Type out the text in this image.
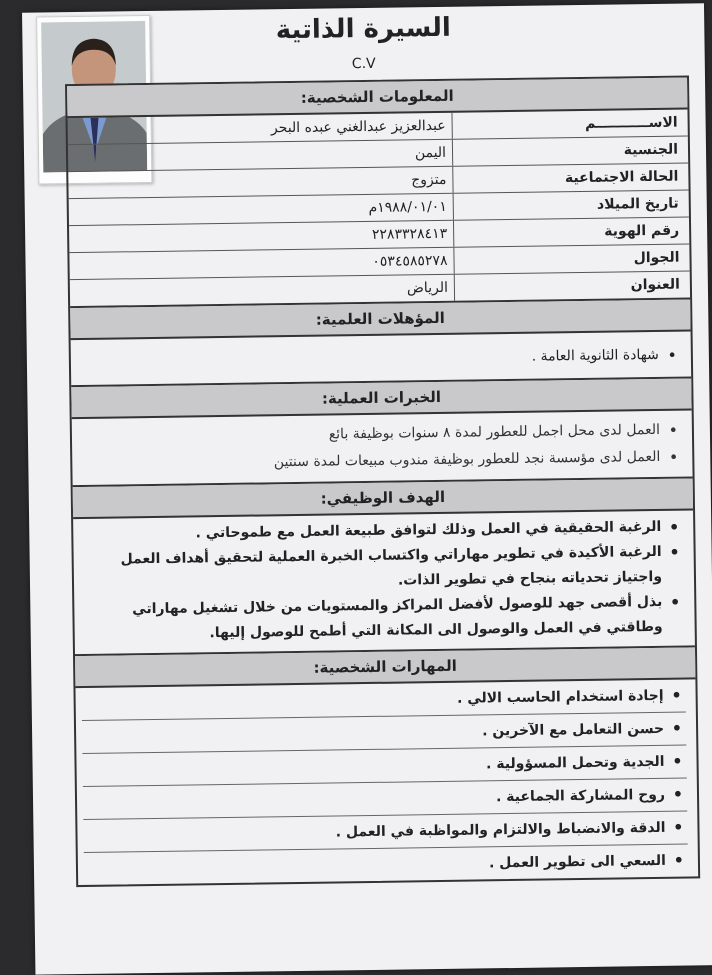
السيرة الذاتية
C.V
المعلومات الشخصية:
الاســـــــــــم
عبدالعزيز عبدالغني عبده البحر
الجنسية
اليمن
الحالة الاجتماعية
متزوج
تاريخ الميلاد
١٩٨٨/٠١/٠١م
رقم الهوية
٢٢٨٣٣٢٨٤١٣
الجوال
٠٥٣٤٥٨٥٢٧٨
العنوان
الرياض
المؤهلات العلمية:
• شهادة الثانوية العامة .
الخبرات العملية:
• العمل لدى محل اجمل للعطور لمدة ٨ سنوات بوظيفة بائع
• العمل لدى مؤسسة نجد للعطور بوظيفة مندوب مبيعات لمدة سنتين
الهدف الوظيفي:
• الرغبة الحقيقية في العمل وذلك لتوافق طبيعة العمل مع طموحاتي .
• الرغبة الأكيدة في تطوير مهاراتي واكتساب الخبرة العملية لتحقيق أهداف العمل واجتياز تحدياته بنجاح في تطوير الذات.
• بذل أقصى جهد للوصول لأفضل المراكز والمستويات من خلال تشغيل مهاراتي وطاقتي في العمل والوصول الى المكانة التي أطمح للوصول إليها.
المهارات الشخصية:
• إجادة استخدام الحاسب الالي .
• حسن التعامل مع الآخرين .
• الجدية وتحمل المسؤولية .
• روح المشاركة الجماعية .
• الدقة والانضباط والالتزام والمواظبة في العمل .
• السعي الى تطوير العمل .
